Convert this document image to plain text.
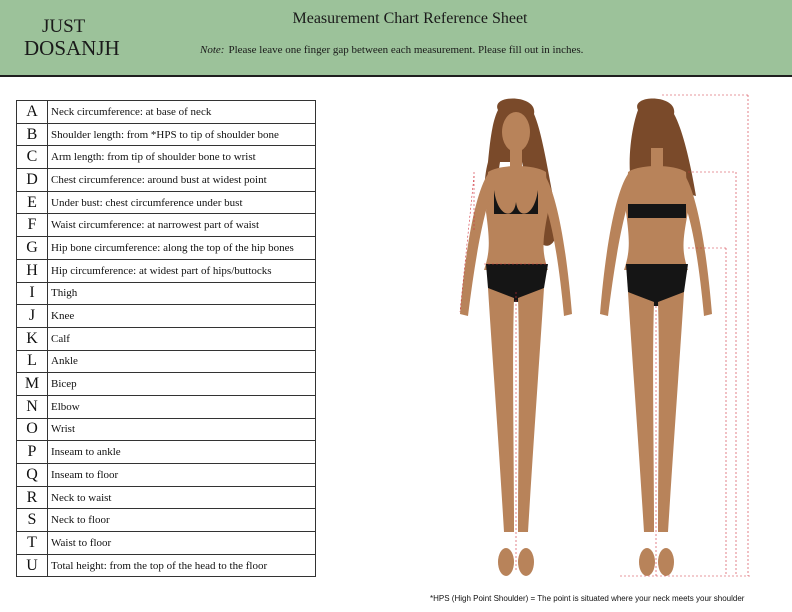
JUST
DOSANJH
Measurement Chart Reference Sheet
Note: Please leave one finger gap between each measurement. Please fill out in inches.
A	Neck circumference: at base of neck
B	Shoulder length: from *HPS to tip of shoulder bone
C	Arm length: from tip of shoulder bone to wrist
D	Chest circumference: around bust at widest point
E	Under bust: chest circumference under bust
F	Waist circumference: at narrowest part of waist
G	Hip bone circumference: along the top of the hip bones
H	Hip circumference: at widest part of hips/buttocks
I	Thigh
J	Knee
K	Calf
L	Ankle
M	Bicep
N	Elbow
O	Wrist
P	Inseam to ankle
Q	Inseam to floor
R	Neck to waist
S	Neck to floor
T	Waist to floor
U	Total height: from the top of the head to the floor
*HPS (High Point Shoulder) = The point is situated where your neck meets your shoulder
